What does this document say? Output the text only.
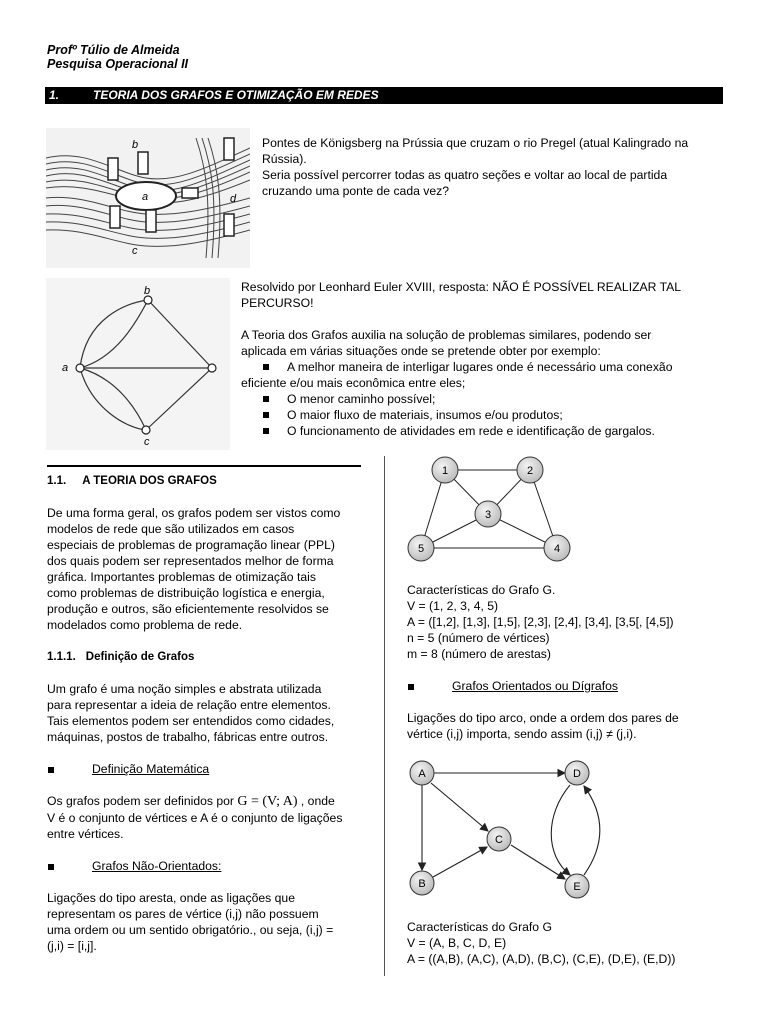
Profº Túlio de Almeida
Pesquisa Operacional II
1.	TEORIA DOS GRAFOS E OTIMIZAÇÃO EM REDES
b
a	d
c

Pontes de Königsberg na Prússia que cruzam o rio Pregel (atual Kalingrado na

Rússia).

Seria possível percorrer todas as quatro seções e voltar ao local de partida

cruzando uma ponte de cada vez?

b
a
c

Resolvido por Leonhard Euler XVIII, resposta: NÃO É POSSÍVEL REALIZAR TAL

PERCURSO!

A Teoria dos Grafos auxilia na solução de problemas similares, podendo ser

aplicada em várias situações onde se pretende obter por exemplo:

A melhor maneira de interligar lugares onde é necessário uma conexão

eficiente e/ou mais econômica entre eles;

O menor caminho possível;
O maior fluxo de materiais, insumos e/ou produtos;
O funcionamento de atividades em rede e identificação de gargalos.

1.1. A TEORIA DOS GRAFOS

De uma forma geral, os grafos podem ser vistos como

modelos de rede que são utilizados em casos

especiais de problemas de programação linear (PPL)

dos quais podem ser representados melhor de forma

gráfica. Importantes problemas de otimização tais

como problemas de distribuição logística e energia,

produção e outros, são eficientemente resolvidos se

modelados como problema de rede.

1.1.1. Definição de Grafos

Um grafo é uma noção simples e abstrata utilizada

para representar a ideia de relação entre elementos.

Tais elementos podem ser entendidos como cidades,

máquinas, postos de trabalho, fábricas entre outros.

Definição Matemática

Os grafos podem ser definidos por G = (V; A) , onde

V é o conjunto de vértices e A é o conjunto de ligações

entre vértices.

Grafos Não-Orientados:

Ligações do tipo aresta, onde as ligações que

representam os pares de vértice (i,j) não possuem

uma ordem ou um sentido obrigatório., ou seja, (i,j) =

(j,i) = [i,j].

1	2
3
4
5

Características do Grafo G.

V = (1, 2, 3, 4, 5)

A = ([1,2], [1,3], [1,5], [2,3], [2,4], [3,4], [3,5[, [4,5])

n = 5 (número de vértices)

m = 8 (número de arestas)

Grafos Orientados ou Dígrafos

Ligações do tipo arco, onde a ordem dos pares de

vértice (i,j) importa, sendo assim (i,j) ≠ (j,i).

A
B
C
D
E

Características do Grafo G

V = (A, B, C, D, E)

A = ((A,B), (A,C), (A,D), (B,C), (C,E), (D,E), (E,D))
